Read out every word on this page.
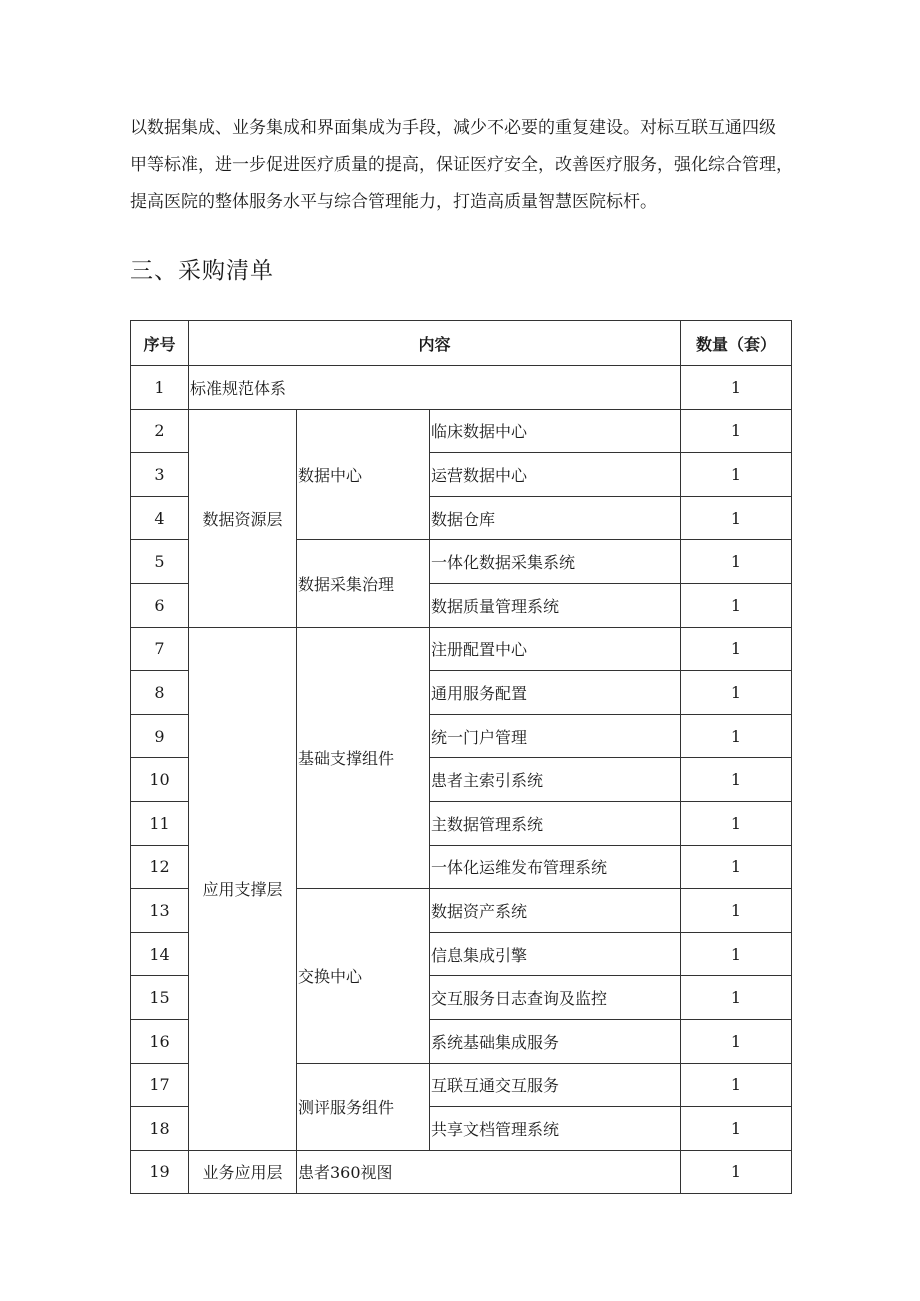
以数据集成、业务集成和界面集成为手段，减少不必要的重复建设。对标互联互通四级
甲等标准，进一步促进医疗质量的提高，保证医疗安全，改善医疗服务，强化综合管理，
提高医院的整体服务水平与综合管理能力，打造高质量智慧医院标杆。
三、采购清单
序号	内容			数量（套）
1	标准规范体系			1
2	数据资源层	数据中心	临床数据中心	1
3			运营数据中心	1
4			数据仓库	1
5		数据采集治理	一体化数据采集系统	1
6			数据质量管理系统	1
7	应用支撑层	基础支撑组件	注册配置中心	1
8			通用服务配置	1
9			统一门户管理	1
10			患者主索引系统	1
11			主数据管理系统	1
12			一体化运维发布管理系统	1
13		交换中心	数据资产系统	1
14			信息集成引擎	1
15			交互服务日志查询及监控	1
16			系统基础集成服务	1
17		测评服务组件	互联互通交互服务	1
18			共享文档管理系统	1
19	业务应用层	患者360视图		1
